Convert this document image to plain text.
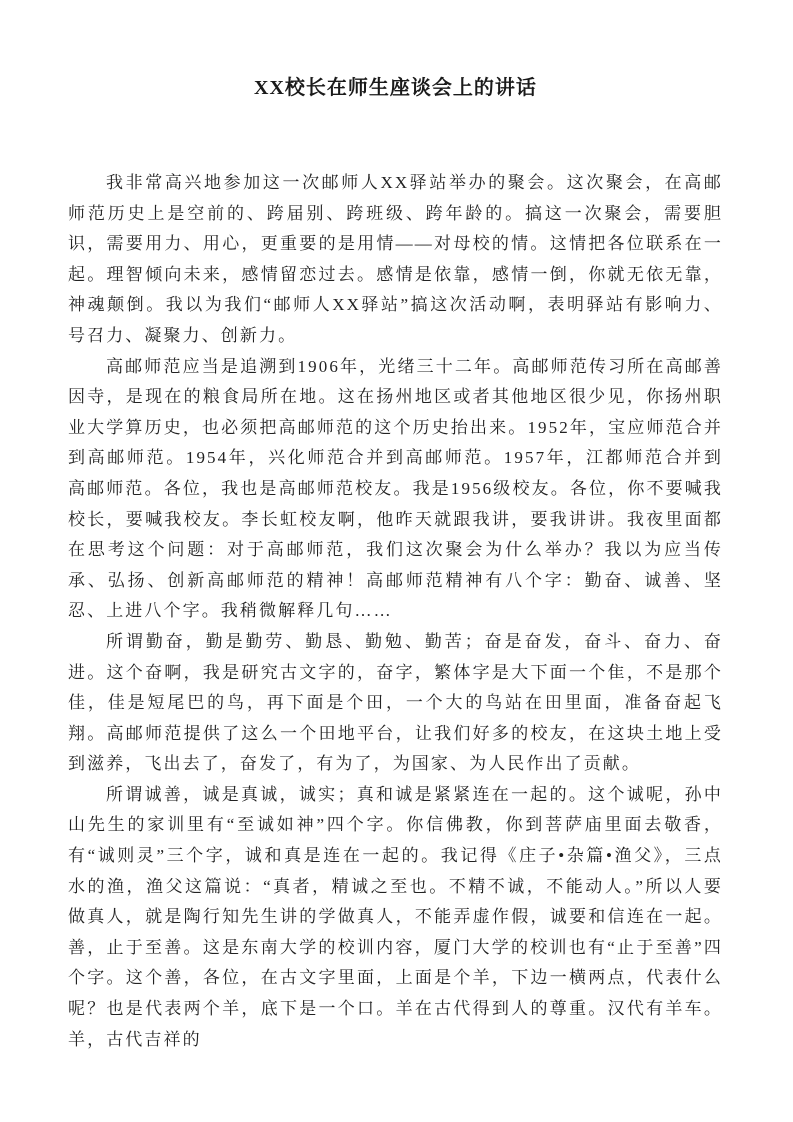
XX校长在师生座谈会上的讲话

我非常高兴地参加这一次邮师人XX驿站举办的聚会。这次聚会，在高邮师范历史上是空前的、跨届别、跨班级、跨年龄的。搞这一次聚会，需要胆识，需要用力、用心，更重要的是用情——对母校的情。这情把各位联系在一起。理智倾向未来，感情留恋过去。感情是依靠，感情一倒，你就无依无靠，神魂颠倒。我以为我们“邮师人XX驿站”搞这次活动啊，表明驿站有影响力、号召力、凝聚力、创新力。

高邮师范应当是追溯到1906年，光绪三十二年。高邮师范传习所在高邮善因寺，是现在的粮食局所在地。这在扬州地区或者其他地区很少见，你扬州职业大学算历史，也必须把高邮师范的这个历史抬出来。1952年，宝应师范合并到高邮师范。1954年，兴化师范合并到高邮师范。1957年，江都师范合并到高邮师范。各位，我也是高邮师范校友。我是1956级校友。各位，你不要喊我校长，要喊我校友。李长虹校友啊，他昨天就跟我讲，要我讲讲。我夜里面都在思考这个问题：对于高邮师范，我们这次聚会为什么举办？我以为应当传承、弘扬、创新高邮师范的精神！高邮师范精神有八个字：勤奋、诚善、坚忍、上进八个字。我稍微解释几句……

所谓勤奋，勤是勤劳、勤恳、勤勉、勤苦；奋是奋发，奋斗、奋力、奋进。这个奋啊，我是研究古文字的，奋字，繁体字是大下面一个隹，不是那个佳，佳是短尾巴的鸟，再下面是个田，一个大的鸟站在田里面，准备奋起飞翔。高邮师范提供了这么一个田地平台，让我们好多的校友，在这块土地上受到滋养，飞出去了，奋发了，有为了，为国家、为人民作出了贡献。

所谓诚善，诚是真诚，诚实；真和诚是紧紧连在一起的。这个诚呢，孙中山先生的家训里有“至诚如神”四个字。你信佛教，你到菩萨庙里面去敬香，有“诚则灵”三个字，诚和真是连在一起的。我记得《庄子•杂篇•渔父》，三点水的渔，渔父这篇说：“真者，精诚之至也。不精不诚，不能动人。”所以人要做真人，就是陶行知先生讲的学做真人，不能弄虚作假，诚要和信连在一起。善，止于至善。这是东南大学的校训内容，厦门大学的校训也有“止于至善”四个字。这个善，各位，在古文字里面，上面是个羊，下边一横两点，代表什么呢？也是代表两个羊，底下是一个口。羊在古代得到人的尊重。汉代有羊车。羊，古代吉祥的
